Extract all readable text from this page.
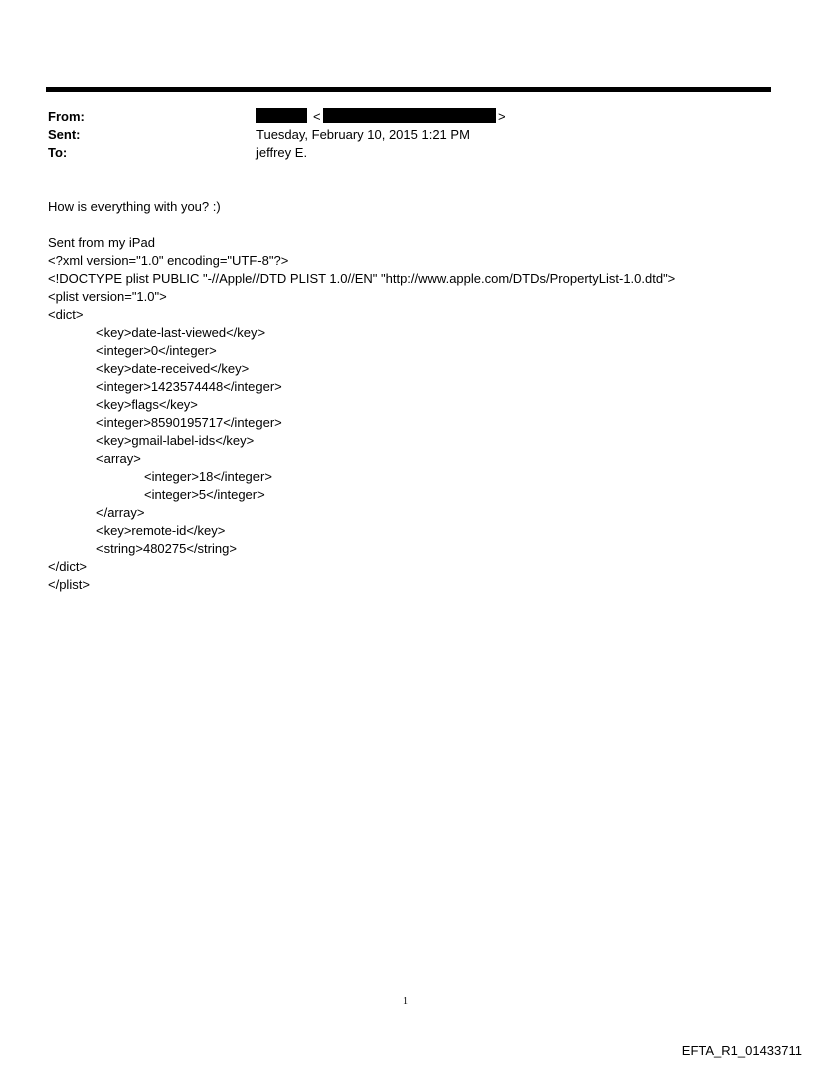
From:	<	>
Sent:	Tuesday, February 10, 2015 1:21 PM
To:	jeffrey E.
How is everything with you? :)
Sent from my iPad
<?xml version="1.0" encoding="UTF-8"?>
<!DOCTYPE plist PUBLIC "-//Apple//DTD PLIST 1.0//EN" "http://www.apple.com/DTDs/PropertyList-1.0.dtd">
<plist version="1.0">
<dict>
<key>date-last-viewed</key>
<integer>0</integer>
<key>date-received</key>
<integer>1423574448</integer>
<key>flags</key>
<integer>8590195717</integer>
<key>gmail-label-ids</key>
<array>
<integer>18</integer>
<integer>5</integer>
</array>
<key>remote-id</key>
<string>480275</string>
</dict>
</plist>
1
EFTA_R1_01433711
